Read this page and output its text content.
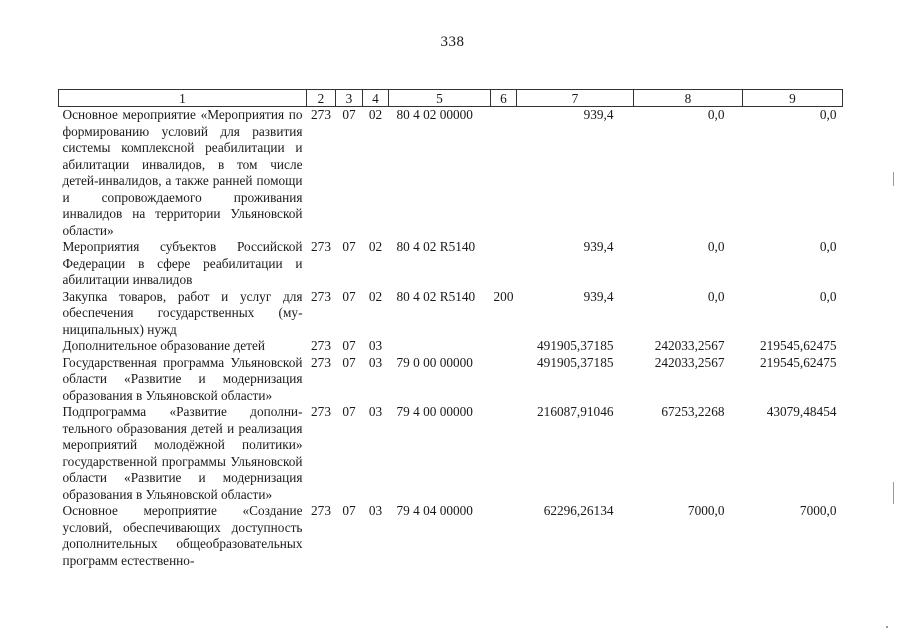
338
1	2	3	4	5	6	7	8	9
Основное мероприятие «Мероприятия по формированию условий для развития системы комплексной реабилитации и абилитации инвалидов, в том числе детей-инвалидов, а также ранней помощи и сопровождаемого проживания инвалидов на территории Ульяновской области»	273	07	02	80 4 02 00000		939,4	0,0	0,0
Мероприятия субъектов Российской Федерации в сфере реабилитации и абилитации инвалидов	273	07	02	80 4 02 R5140		939,4	0,0	0,0
Закупка товаров, работ и услуг для обеспечения государственных (муниципальных) нужд	273	07	02	80 4 02 R5140	200	939,4	0,0	0,0
Дополнительное образование детей	273	07	03			491905,37185	242033,2567	219545,62475
Государственная программа Ульяновской области «Развитие и модернизация образования в Ульяновской области»	273	07	03	79 0 00 00000		491905,37185	242033,2567	219545,62475
Подпрограмма «Развитие дополнительного образования детей и реализация мероприятий молодёжной политики» государственной программы Ульяновской области «Развитие и модернизация образования в Ульяновской области»	273	07	03	79 4 00 00000		216087,91046	67253,2268	43079,48454
Основное мероприятие «Создание условий, обеспечивающих доступность дополнительных общеобразовательных программ естественно-	273	07	03	79 4 04 00000		62296,26134	7000,0	7000,0
